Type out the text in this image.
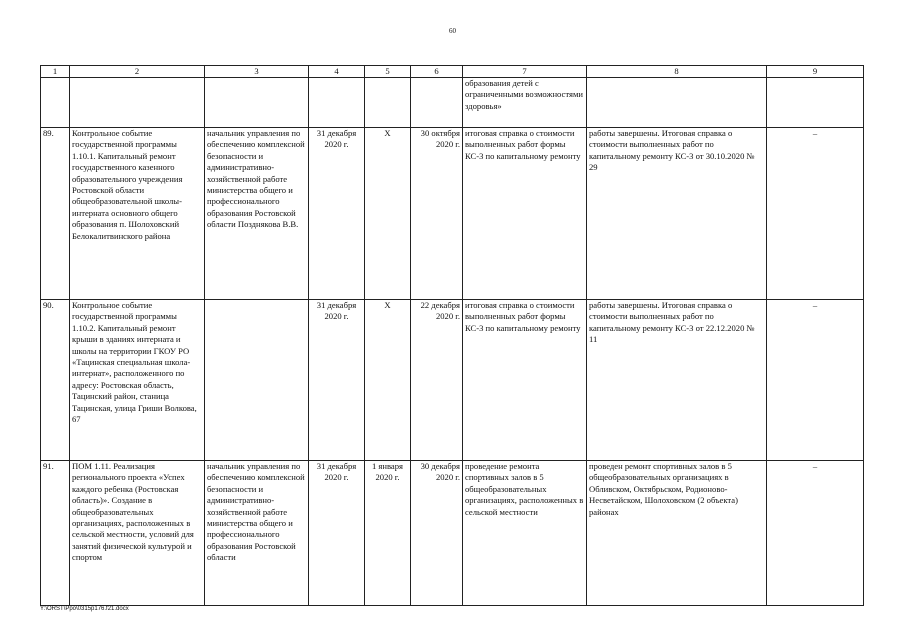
60
1	2	3	4	5	6	7	8	9
						образования детей с ограниченными возможностями здоровья»		
89.	Контрольное событие государственной программы 1.10.1. Капитальный ремонт государственного казенного образовательного учреждения Ростовской области общеобразовательной школы-интерната основного общего образования п. Шолоховский Белокалитвинского района	начальник управления по обеспечению комплексной безопасности и административно-хозяйственной работе министерства общего и профессионального образования Ростовской области Позднякова В.В.	31 декабря 2020 г.	X	30 октября 2020 г.	итоговая справка о стоимости выполненных работ формы КС-3 по капитальному ремонту	работы завершены. Итоговая справка о стоимости выполненных работ по капитальному ремонту КС-3 от 30.10.2020 № 29	–
90.	Контрольное событие государственной программы 1.10.2. Капитальный ремонт крыши в зданиях интерната и школы на территории ГКОУ РО «Тацинская специальная школа-интернат», расположенного по адресу: Ростовская область, Тацинский район, станица Тацинская, улица Гриши Волкова, 67		31 декабря 2020 г.	X	22 декабря 2020 г.	итоговая справка о стоимости выполненных работ формы КС-3 по капитальному ремонту	работы завершены. Итоговая справка о стоимости выполненных работ по капитальному ремонту КС-3 от 22.12.2020 № 11	–
91.	ПОМ 1.11. Реализация регионального проекта «Успех каждого ребенка (Ростовская область)». Создание в общеобразовательных организациях, расположенных в сельской местности, условий для занятий физической культурой и спортом	начальник управления по обеспечению комплексной безопасности и административно-хозяйственной работе министерства общего и профессионального образования Ростовской области	31 декабря 2020 г.	1 января 2020 г.	30 декабря 2020 г.	проведение ремонта спортивных залов в 5 общеобразовательных организациях, расположенных в сельской местности	проведен ремонт спортивных залов в 5 общеобразовательных организациях в Обливском, Октябрьском, Родионово-Несветайском, Шолоховском (2 объекта) районах	–
Y:\ORST\Ppo\0315p176.f21.docx
